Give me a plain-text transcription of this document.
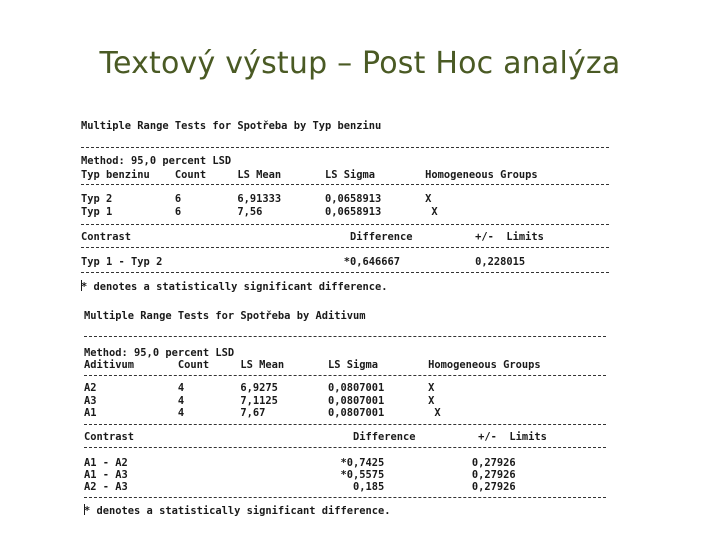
Textový výstup – Post Hoc analýza

Multiple Range Tests for Spotřeba by Typ benzinu

Method: 95,0 percent LSD

Typ benzinu    Count     LS Mean       LS Sigma        Homogeneous Groups

Typ 2          6         6,91333       0,0658913       X

Typ 1          6         7,56          0,0658913        X

Contrast                                   Difference          +/-  Limits

Typ 1 - Typ 2                             *0,646667            0,228015

* denotes a statistically significant difference.

Multiple Range Tests for Spotřeba by Aditivum

Method: 95,0 percent LSD

Aditivum       Count     LS Mean       LS Sigma        Homogeneous Groups

A2             4         6,9275        0,0807001       X

A3             4         7,1125        0,0807001       X

A1             4         7,67          0,0807001        X

Contrast                                   Difference          +/-  Limits

A1 - A2                                  *0,7425              0,27926

A1 - A3                                  *0,5575              0,27926

A2 - A3                                    0,185              0,27926

* denotes a statistically significant difference.
